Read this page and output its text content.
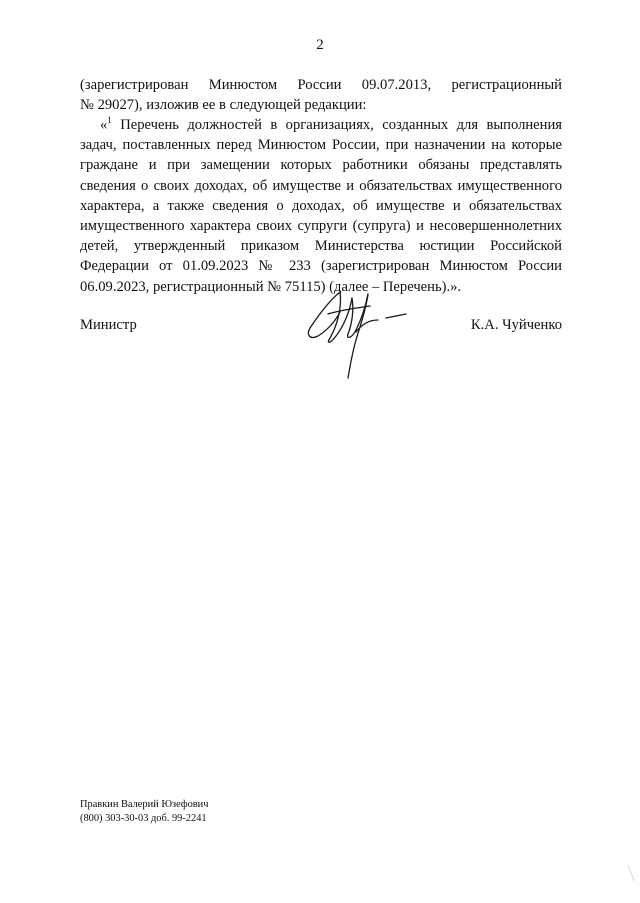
2
(зарегистрирован Минюстом России 09.07.2013, регистрационный
№ 29027), изложив ее в следующей редакции:
«$^1$ Перечень должностей в организациях, созданных для выполнения
задач, поставленных перед Минюстом России, при назначении на которые
граждане и при замещении которых работники обязаны представлять
сведения о своих доходах, об имуществе и обязательствах имущественного
характера, а также сведения о доходах, об имуществе и обязательствах
имущественного характера своих супруги (супруга) и несовершеннолетних
детей, утвержденный приказом Министерства юстиции Российской
Федерации от 01.09.2023 № 233 (зарегистрирован Минюстом России
06.09.2023, регистрационный № 75115) (далее – Перечень).».
Министр	К.А. Чуйченко
Правкин Валерий Юзефович
(800) 303-30-03 доб. 99-2241
